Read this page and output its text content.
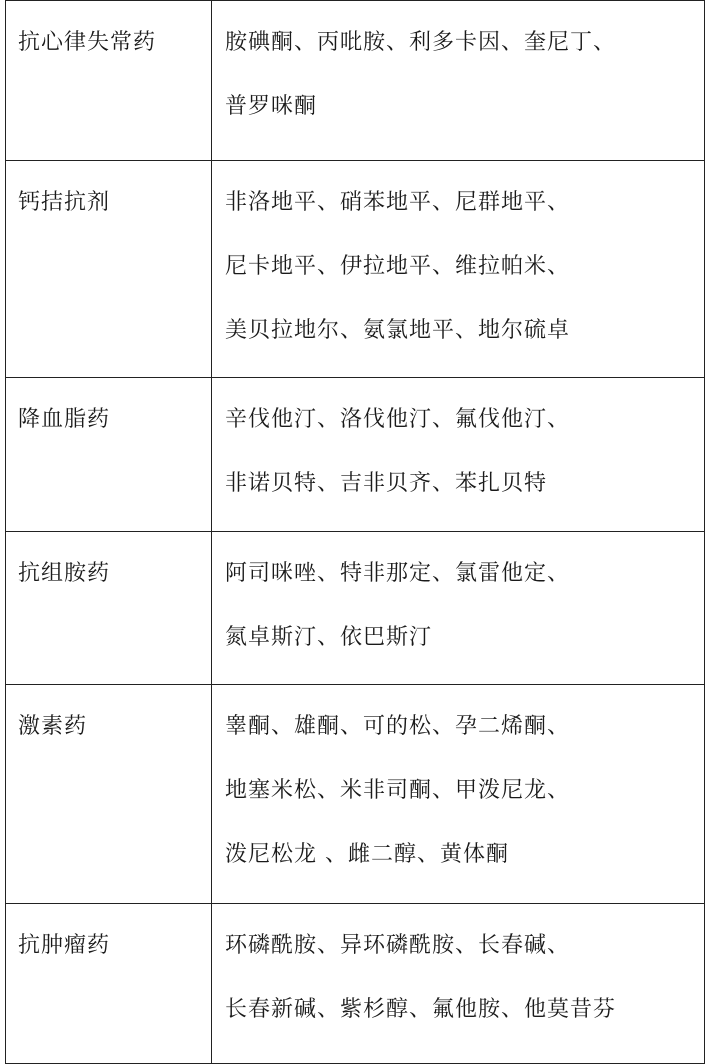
抗心律失常药	胺碘酮、丙吡胺、利多卡因、奎尼丁、
普罗咪酮

钙拮抗剂	非洛地平、硝苯地平、尼群地平、
尼卡地平、伊拉地平、维拉帕米、
美贝拉地尔、氨氯地平、地尔硫卓

降血脂药	辛伐他汀、洛伐他汀、氟伐他汀、
非诺贝特、吉非贝齐、苯扎贝特

抗组胺药	阿司咪唑、特非那定、氯雷他定、
氮卓斯汀、依巴斯汀

激素药	睾酮、雄酮、可的松、孕二烯酮、
地塞米松、米非司酮、甲泼尼龙、
泼尼松龙 、雌二醇、黄体酮

抗肿瘤药	环磷酰胺、异环磷酰胺、长春碱、
长春新碱、紫杉醇、氟他胺、他莫昔芬
